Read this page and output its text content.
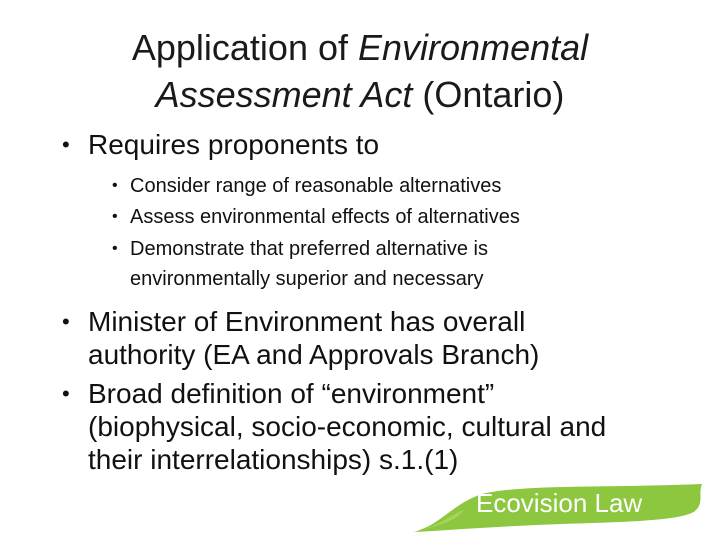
Application of Environmental
Assessment Act (Ontario)
• Requires proponents to
• Consider range of reasonable alternatives
• Assess environmental effects of alternatives
• Demonstrate that preferred alternative is
environmentally superior and necessary
• Minister of Environment has overall
authority (EA and Approvals Branch)
• Broad definition of “environment”
(biophysical, socio-economic, cultural and
their interrelationships) s.1.(1)
Ecovision Law
